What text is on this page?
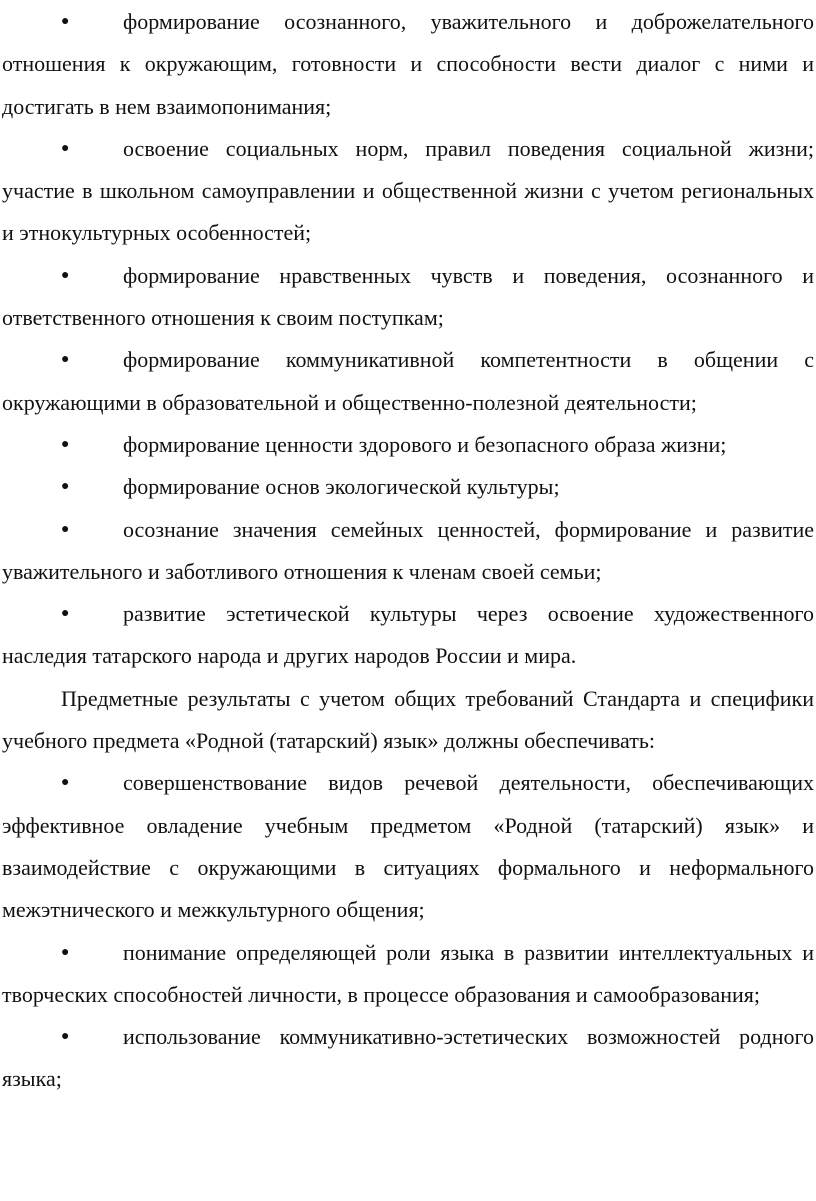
● формирование осознанного, уважительного и доброжелательного отношения к окружающим, готовности и способности вести диалог с ними и достигать в нем взаимопонимания;

● освоение социальных норм, правил поведения социальной жизни; участие в школьном самоуправлении и общественной жизни с учетом региональных и этнокультурных особенностей;

● формирование нравственных чувств и поведения, осознанного и ответственного отношения к своим поступкам;

● формирование коммуникативной компетентности в общении с окружающими в образовательной и общественно-полезной деятельности;

● формирование ценности здорового и безопасного образа жизни;

● формирование основ экологической культуры;

● осознание значения семейных ценностей, формирование и развитие уважительного и заботливого отношения к членам своей семьи;

● развитие эстетической культуры через освоение художественного наследия татарского народа и других народов России и мира.

Предметные результаты с учетом общих требований Стандарта и специфики учебного предмета «Родной (татарский) язык» должны обеспечивать:

● совершенствование видов речевой деятельности, обеспечивающих эффективное овладение учебным предметом «Родной (татарский) язык» и взаимодействие с окружающими в ситуациях формального и неформального межэтнического и межкультурного общения;

● понимание определяющей роли языка в развитии интеллектуальных и творческих способностей личности, в процессе образования и самообразования;

● использование коммуникативно-эстетических возможностей родного языка;
